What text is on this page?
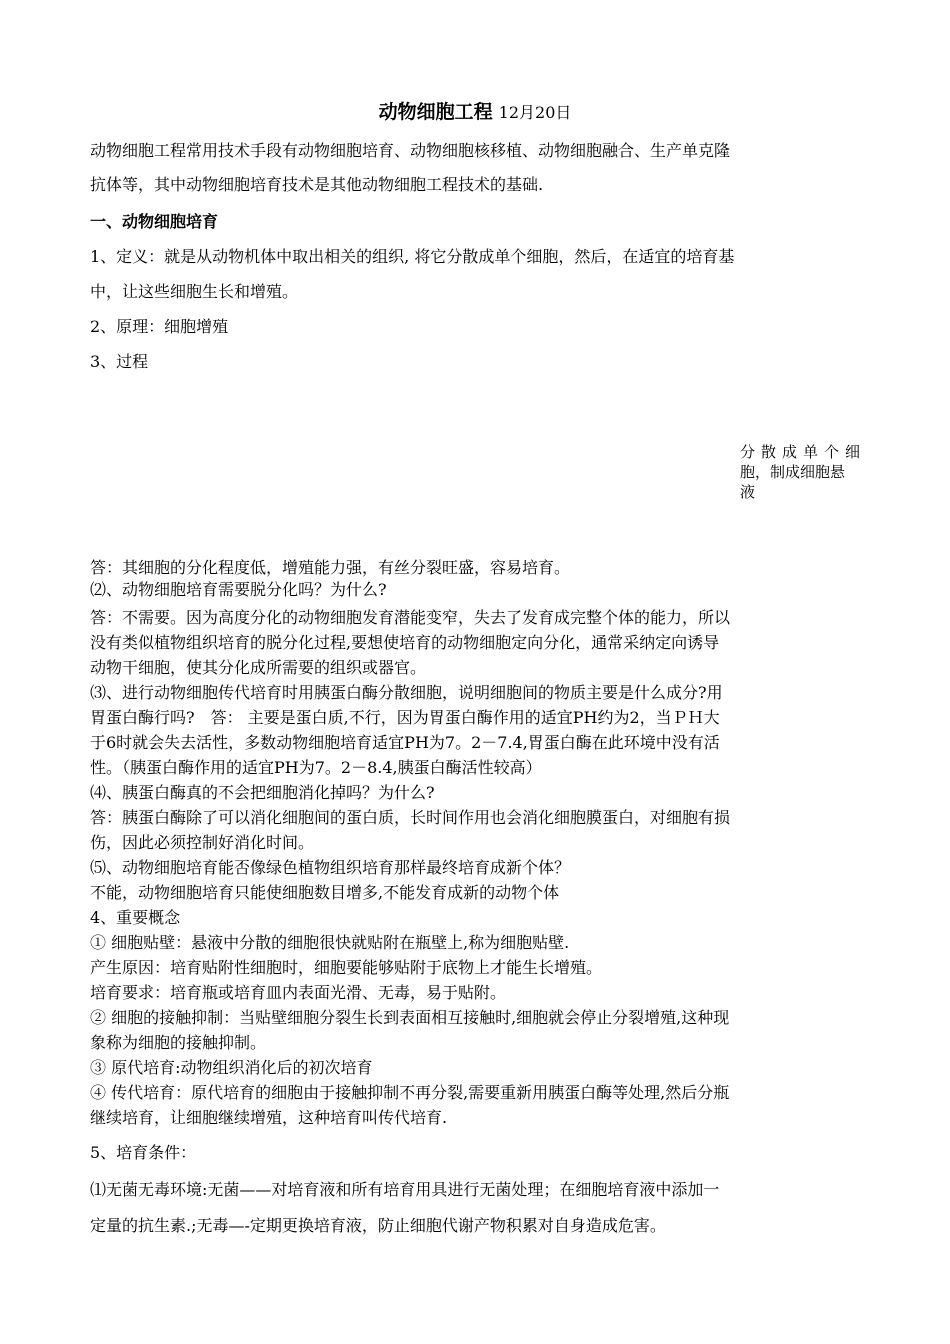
动物细胞工程 12月20日
动物细胞工程常用技术手段有动物细胞培育、动物细胞核移植、动物细胞融合、生产单克隆
抗体等，其中动物细胞培育技术是其他动物细胞工程技术的基础.
一、动物细胞培育
1、定义：就是从动物机体中取出相关的组织, 将它分散成单个细胞，然后，在适宜的培育基
中，让这些细胞生长和增殖。
2、原理：细胞增殖
3、过程
分散成单个细
胞，制成细胞悬
液
答：其细胞的分化程度低，增殖能力强，有丝分裂旺盛，容易培育。
⑵、动物细胞培育需要脱分化吗？为什么?
答：不需要。因为高度分化的动物细胞发育潜能变窄，失去了发育成完整个体的能力，所以
没有类似植物组织培育的脱分化过程,要想使培育的动物细胞定向分化，通常采纳定向诱导
动物干细胞，使其分化成所需要的组织或器官。
⑶、进行动物细胞传代培育时用胰蛋白酶分散细胞，说明细胞间的物质主要是什么成分?用
胃蛋白酶行吗?　答： 主要是蛋白质,不行，因为胃蛋白酶作用的适宜PH约为2，当ＰＨ大
于6时就会失去活性，多数动物细胞培育适宜PH为7。2－7.4,胃蛋白酶在此环境中没有活
性。（胰蛋白酶作用的适宜PH为7。2－8.4,胰蛋白酶活性较高）
⑷、胰蛋白酶真的不会把细胞消化掉吗？为什么?
答：胰蛋白酶除了可以消化细胞间的蛋白质，长时间作用也会消化细胞膜蛋白，对细胞有损
伤，因此必须控制好消化时间。
⑸、动物细胞培育能否像绿色植物组织培育那样最终培育成新个体？
不能，动物细胞培育只能使细胞数目增多,不能发育成新的动物个体
4、重要概念
① 细胞贴壁：悬液中分散的细胞很快就贴附在瓶壁上,称为细胞贴壁.
产生原因：培育贴附性细胞时，细胞要能够贴附于底物上才能生长增殖。
培育要求：培育瓶或培育皿内表面光滑、无毒，易于贴附。
② 细胞的接触抑制：当贴壁细胞分裂生长到表面相互接触时,细胞就会停止分裂增殖,这种现
象称为细胞的接触抑制。
③ 原代培育:动物组织消化后的初次培育
④ 传代培育：原代培育的细胞由于接触抑制不再分裂,需要重新用胰蛋白酶等处理,然后分瓶
继续培育，让细胞继续增殖，这种培育叫传代培育.
5、培育条件：
⑴无菌无毒环境:无菌——对培育液和所有培育用具进行无菌处理；在细胞培育液中添加一
定量的抗生素.;无毒—-定期更换培育液，防止细胞代谢产物积累对自身造成危害。
